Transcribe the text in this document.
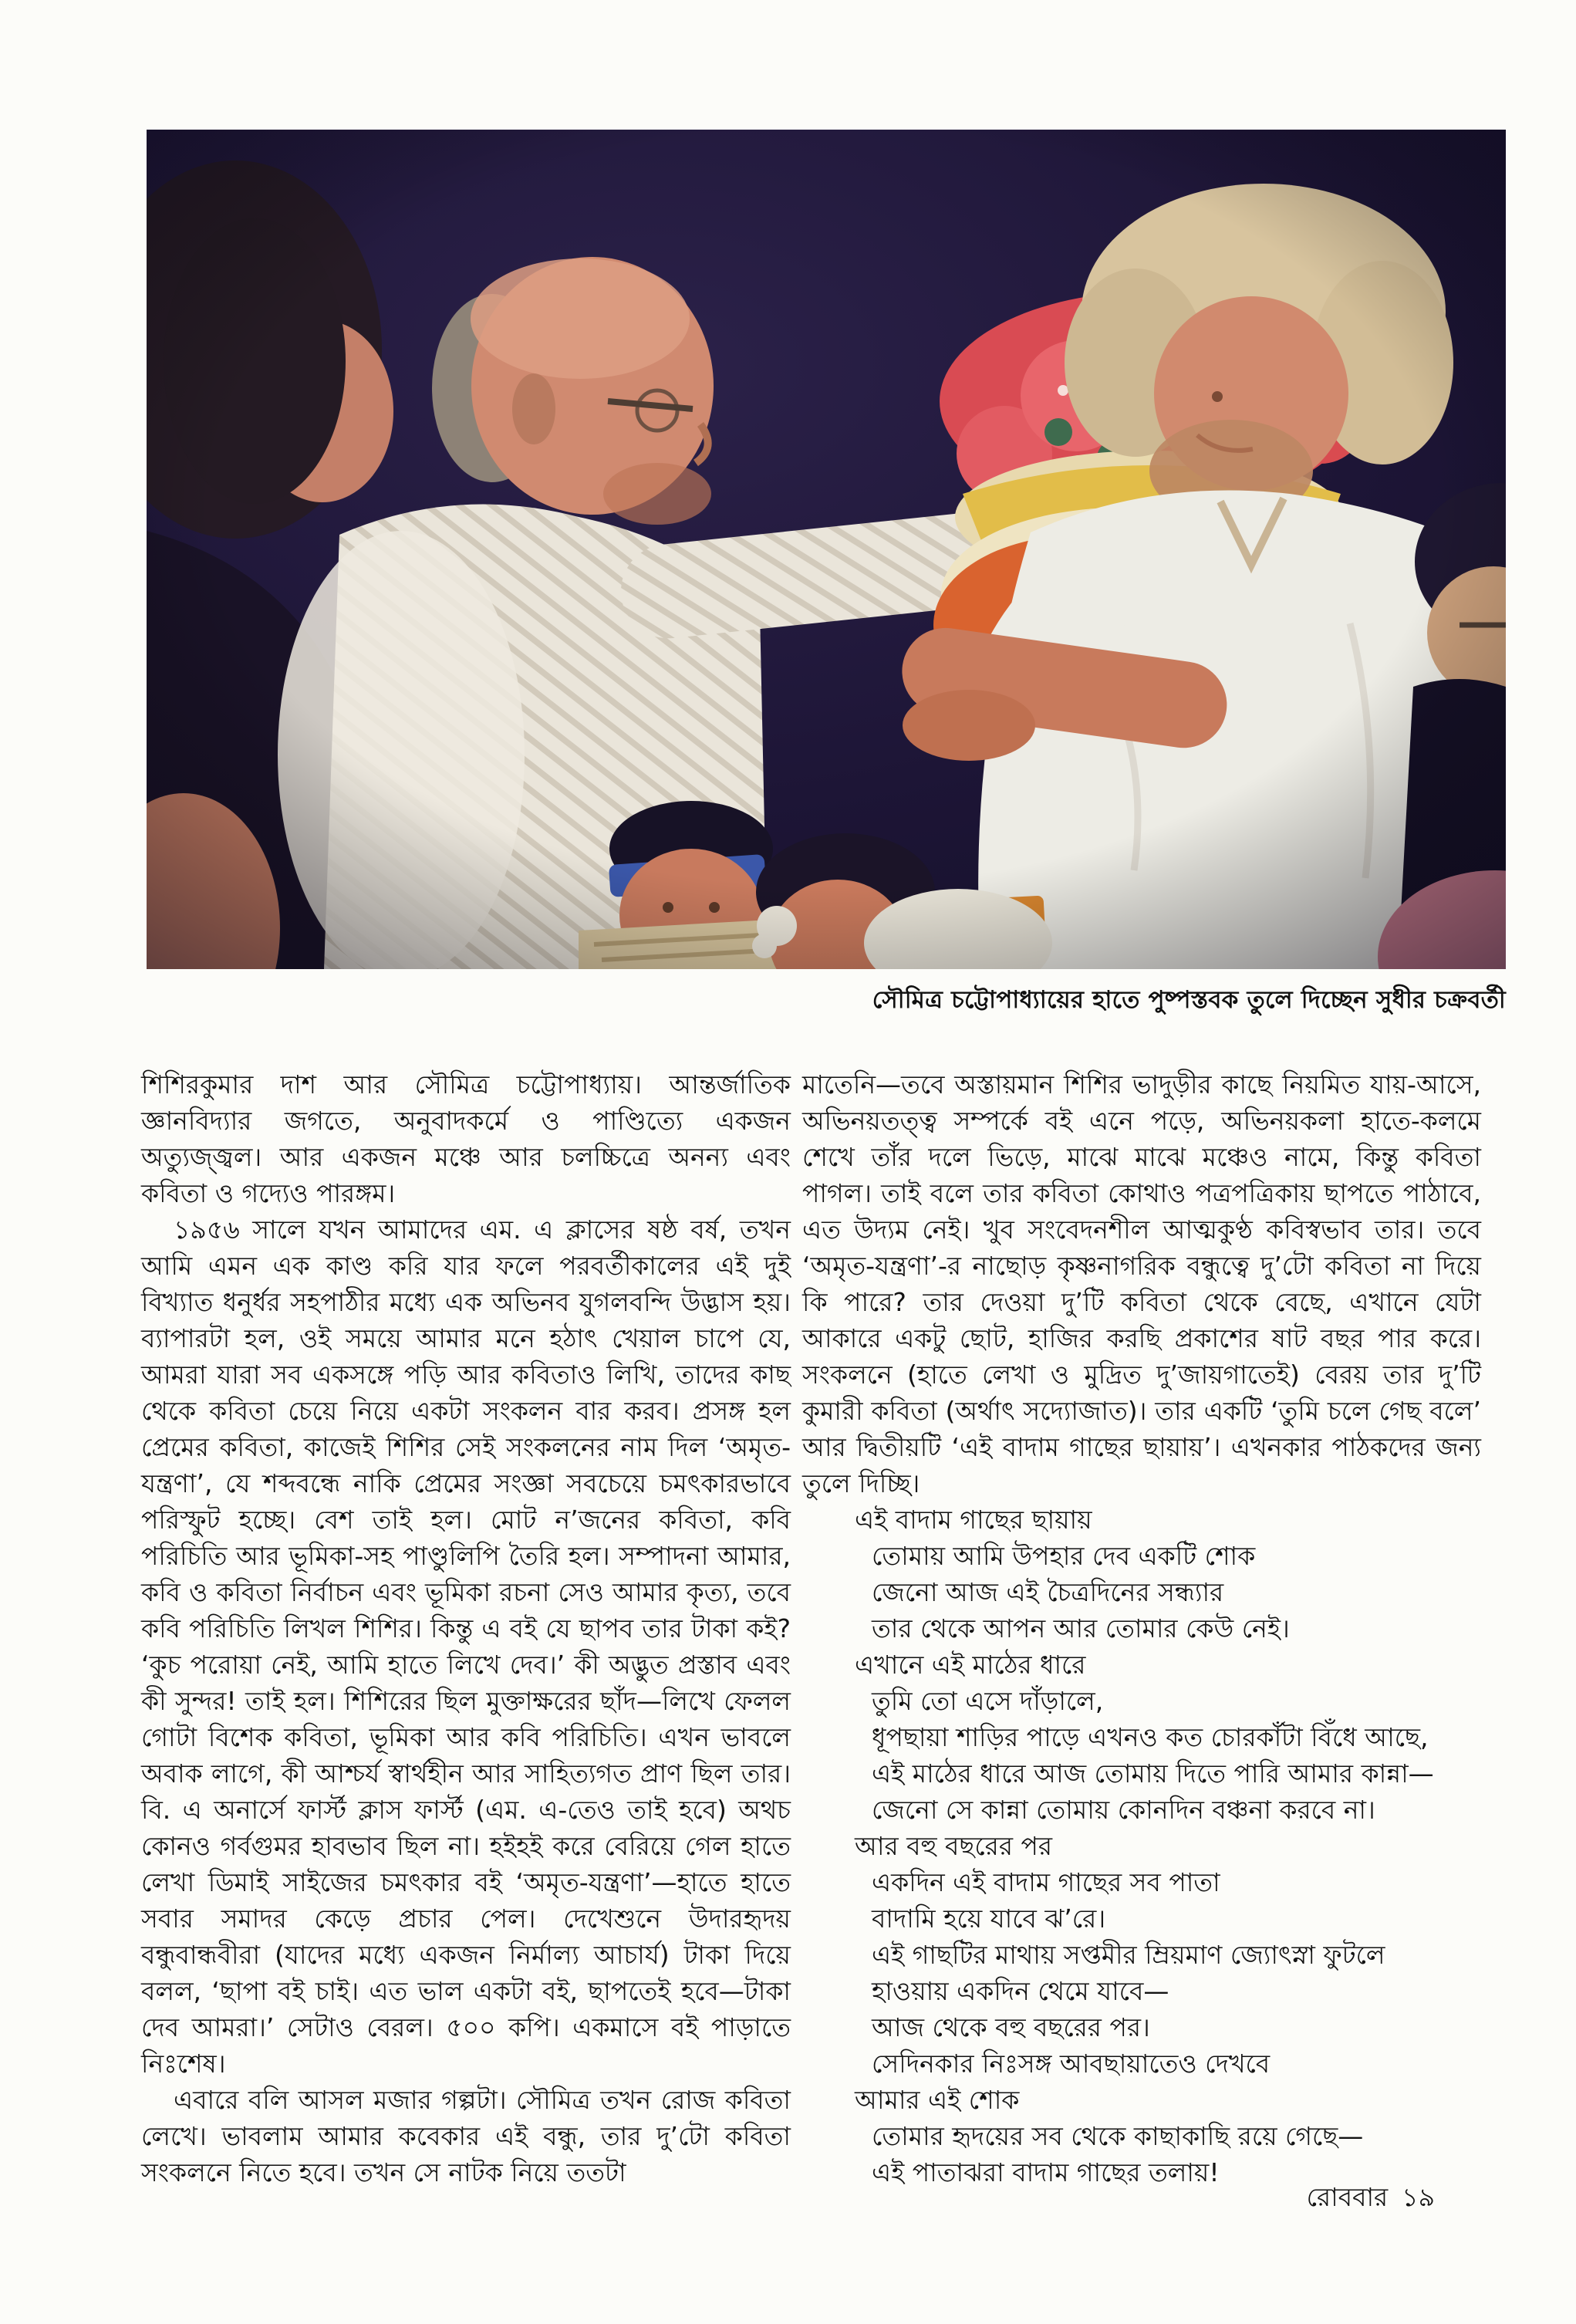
সৌমিত্র চট্টোপাধ্যায়ের হাতে পুষ্পস্তবক তুলে দিচ্ছেন সুধীর চক্রবর্তী

শিশিরকুমার দাশ আর সৌমিত্র চট্টোপাধ্যায়। আন্তর্জাতিক জ্ঞানবিদ্যার জগতে, অনুবাদকর্মে ও পাণ্ডিত্যে একজন অত্যুজ্জ্বল। আর একজন মঞ্চে আর চলচ্চিত্রে অনন্য এবং কবিতা ও গদ্যেও পারঙ্গম।

১৯৫৬ সালে যখন আমাদের এম. এ ক্লাসের ষষ্ঠ বর্ষ, তখন আমি এমন এক কাণ্ড করি যার ফলে পরবর্তীকালের এই দুই বিখ্যাত ধনুর্ধর সহপাঠীর মধ্যে এক অভিনব যুগলবন্দি উদ্ভাস হয়। ব্যাপারটা হল, ওই সময়ে আমার মনে হঠাৎ খেয়াল চাপে যে, আমরা যারা সব একসঙ্গে পড়ি আর কবিতাও লিখি, তাদের কাছ থেকে কবিতা চেয়ে নিয়ে একটা সংকলন বার করব। প্রসঙ্গ হল প্রেমের কবিতা, কাজেই শিশির সেই সংকলনের নাম দিল ‘অমৃত-যন্ত্রণা’, যে শব্দবন্ধে নাকি প্রেমের সংজ্ঞা সবচেয়ে চমৎকারভাবে পরিস্ফুট হচ্ছে। বেশ তাই হল। মোট ন’জনের কবিতা, কবি পরিচিতি আর ভূমিকা-সহ পাণ্ডুলিপি তৈরি হল। সম্পাদনা আমার, কবি ও কবিতা নির্বাচন এবং ভূমিকা রচনা সেও আমার কৃত্য, তবে কবি পরিচিতি লিখল শিশির। কিন্তু এ বই যে ছাপব তার টাকা কই? ‘কুচ পরোয়া নেই, আমি হাতে লিখে দেব।’ কী অদ্ভুত প্রস্তাব এবং কী সুন্দর! তাই হল। শিশিরের ছিল মুক্তাক্ষরের ছাঁদ—লিখে ফেলল গোটা বিশেক কবিতা, ভূমিকা আর কবি পরিচিতি। এখন ভাবলে অবাক লাগে, কী আশ্চর্য স্বার্থহীন আর সাহিত্যগত প্রাণ ছিল তার। বি. এ অনার্সে ফার্স্ট ক্লাস ফার্স্ট (এম. এ-তেও তাই হবে) অথচ কোনও গর্বগুমর হাবভাব ছিল না। হইহই করে বেরিয়ে গেল হাতে লেখা ডিমাই সাইজের চমৎকার বই ‘অমৃত-যন্ত্রণা’—হাতে হাতে সবার সমাদর কেড়ে প্রচার পেল। দেখেশুনে উদারহৃদয় বন্ধুবান্ধবীরা (যাদের মধ্যে একজন নির্মাল্য আচার্য) টাকা দিয়ে বলল, ‘ছাপা বই চাই। এত ভাল একটা বই, ছাপতেই হবে—টাকা দেব আমরা।’ সেটাও বেরল। ৫০০ কপি। একমাসে বই পাড়াতে নিঃশেষ।

এবারে বলি আসল মজার গল্পটা। সৌমিত্র তখন রোজ কবিতা লেখে। ভাবলাম আমার কবেকার এই বন্ধু, তার দু’টো কবিতা সংকলনে নিতে হবে। তখন সে নাটক নিয়ে ততটা

মাতেনি—তবে অস্তায়মান শিশির ভাদুড়ীর কাছে নিয়মিত যায়-আসে, অভিনয়তত্ত্ব সম্পর্কে বই এনে পড়ে, অভিনয়কলা হাতে-কলমে শেখে তাঁর দলে ভিড়ে, মাঝে মাঝে মঞ্চেও নামে, কিন্তু কবিতা পাগল। তাই বলে তার কবিতা কোথাও পত্রপত্রিকায় ছাপতে পাঠাবে, এত উদ্যম নেই। খুব সংবেদনশীল আত্মকুণ্ঠ কবিস্বভাব তার। তবে ‘অমৃত-যন্ত্রণা’-র নাছোড় কৃষ্ণনাগরিক বন্ধুত্বে দু’টো কবিতা না দিয়ে কি পারে? তার দেওয়া দু’টি কবিতা থেকে বেছে, এখানে যেটা আকারে একটু ছোট, হাজির করছি প্রকাশের ষাট বছর পার করে। সংকলনে (হাতে লেখা ও মুদ্রিত দু’জায়গাতেই) বেরয় তার দু’টি কুমারী কবিতা (অর্থাৎ সদ্যোজাত)। তার একটি ‘তুমি চলে গেছ বলে’ আর দ্বিতীয়টি ‘এই বাদাম গাছের ছায়ায়’। এখনকার পাঠকদের জন্য তুলে দিচ্ছি।

এই বাদাম গাছের ছায়ায়
তোমায় আমি উপহার দেব একটি শোক
জেনো আজ এই চৈত্রদিনের সন্ধ্যার
তার থেকে আপন আর তোমার কেউ নেই।
এখানে এই মাঠের ধারে
তুমি তো এসে দাঁড়ালে,
ধূপছায়া শাড়ির পাড়ে এখনও কত চোরকাঁটা বিঁধে আছে,
এই মাঠের ধারে আজ তোমায় দিতে পারি আমার কান্না—
জেনো সে কান্না তোমায় কোনদিন বঞ্চনা করবে না।
আর বহু বছরের পর
একদিন এই বাদাম গাছের সব পাতা
বাদামি হয়ে যাবে ঝ’রে।
এই গাছটির মাথায় সপ্তমীর ম্রিয়মাণ জ্যোৎস্না ফুটলে
হাওয়ায় একদিন থেমে যাবে—
আজ থেকে বহু বছরের পর।
সেদিনকার নিঃসঙ্গ আবছায়াতেও দেখবে
আমার এই শোক
তোমার হৃদয়ের সব থেকে কাছাকাছি রয়ে গেছে—
এই পাতাঝরা বাদাম গাছের তলায়!
রোববার ১৯
